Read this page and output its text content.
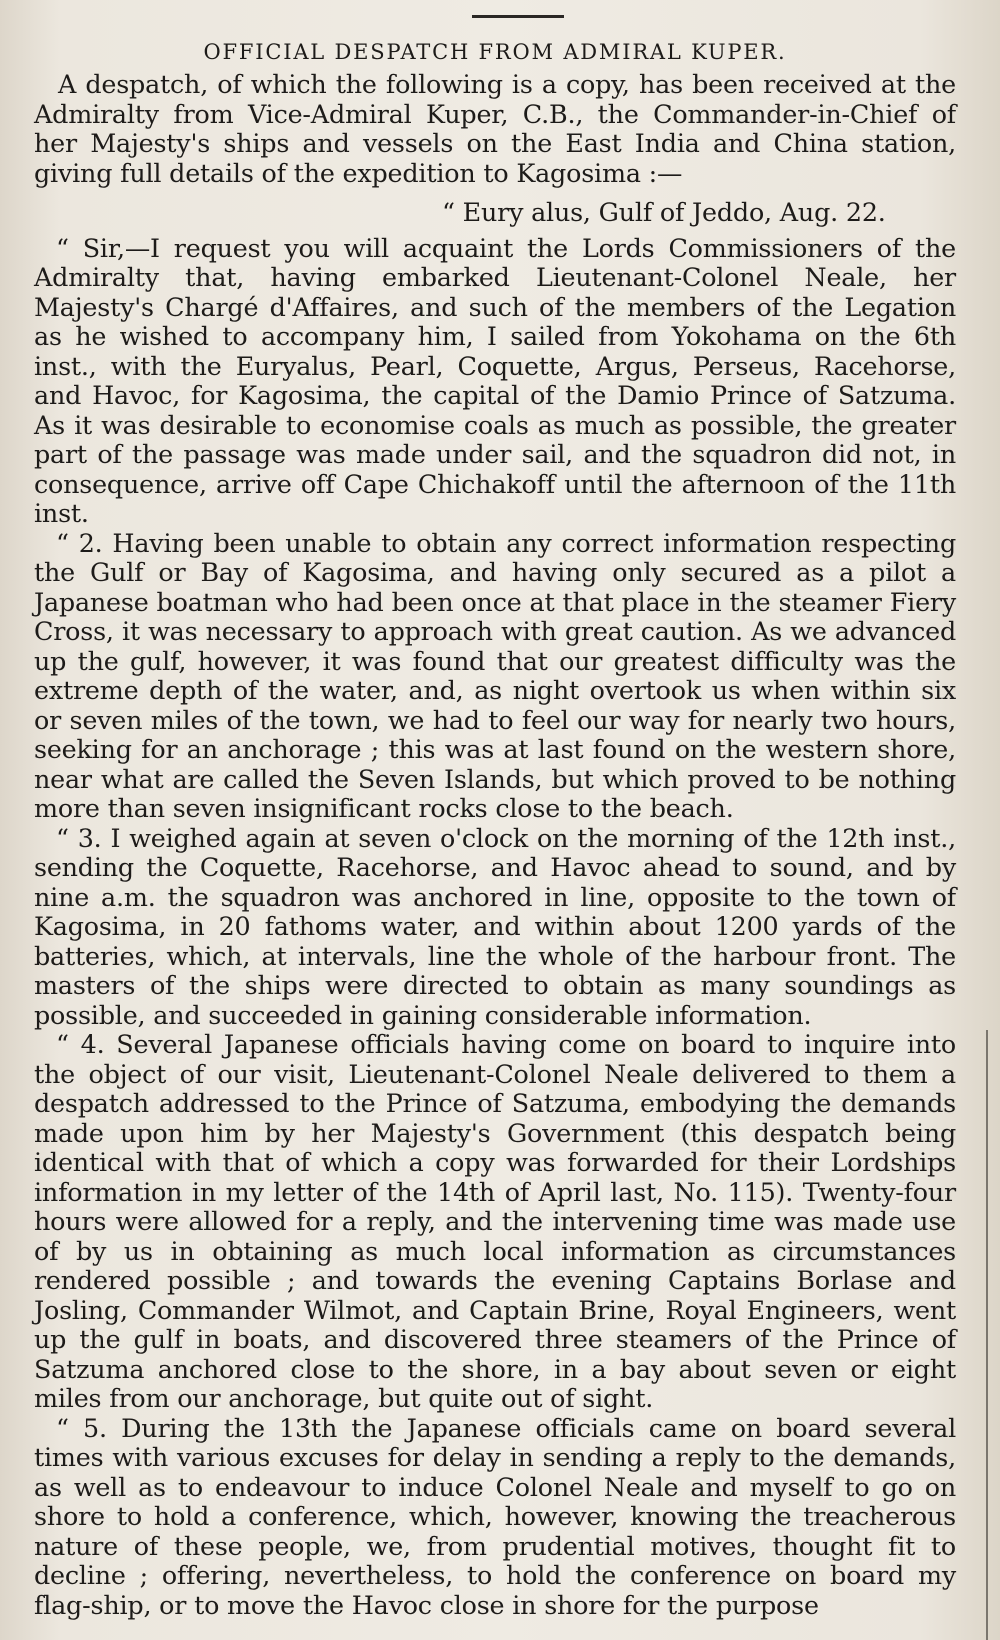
OFFICIAL DESPATCH FROM ADMIRAL KUPER.

A despatch, of which the following is a copy, has been received at the Admiralty from Vice-Admiral Kuper, C.B., the Commander-in-Chief of her Majesty's ships and vessels on the East India and China station, giving full details of the expedition to Kagosima :—

“ Eury alus, Gulf of Jeddo, Aug. 22.

“ Sir,—I request you will acquaint the Lords Commissioners of the Admiralty that, having embarked Lieutenant-Colonel Neale, her Majesty's Chargé d'Affaires, and such of the members of the Legation as he wished to accompany him, I sailed from Yokohama on the 6th inst., with the Euryalus, Pearl, Coquette, Argus, Perseus, Racehorse, and Havoc, for Kagosima, the capital of the Damio Prince of Satzuma. As it was desirable to economise coals as much as possible, the greater part of the passage was made under sail, and the squadron did not, in consequence, arrive off Cape Chichakoff until the afternoon of the 11th inst.

“ 2. Having been unable to obtain any correct information respecting the Gulf or Bay of Kagosima, and having only secured as a pilot a Japanese boatman who had been once at that place in the steamer Fiery Cross, it was necessary to approach with great caution. As we advanced up the gulf, however, it was found that our greatest difficulty was the extreme depth of the water, and, as night overtook us when within six or seven miles of the town, we had to feel our way for nearly two hours, seeking for an anchorage ; this was at last found on the western shore, near what are called the Seven Islands, but which proved to be nothing more than seven insignificant rocks close to the beach.

“ 3. I weighed again at seven o'clock on the morning of the 12th inst., sending the Coquette, Racehorse, and Havoc ahead to sound, and by nine a.m. the squadron was anchored in line, opposite to the town of Kagosima, in 20 fathoms water, and within about 1200 yards of the batteries, which, at intervals, line the whole of the harbour front. The masters of the ships were directed to obtain as many soundings as possible, and succeeded in gaining considerable information.

“ 4. Several Japanese officials having come on board to inquire into the object of our visit, Lieutenant-Colonel Neale delivered to them a despatch addressed to the Prince of Satzuma, embodying the demands made upon him by her Majesty's Government (this despatch being identical with that of which a copy was forwarded for their Lordships information in my letter of the 14th of April last, No. 115). Twenty-four hours were allowed for a reply, and the intervening time was made use of by us in obtaining as much local information as circumstances rendered possible ; and towards the evening Captains Borlase and Josling, Commander Wilmot, and Captain Brine, Royal Engineers, went up the gulf in boats, and discovered three steamers of the Prince of Satzuma anchored close to the shore, in a bay about seven or eight miles from our anchorage, but quite out of sight.

“ 5. During the 13th the Japanese officials came on board several times with various excuses for delay in sending a reply to the demands, as well as to endeavour to induce Colonel Neale and myself to go on shore to hold a conference, which, however, knowing the treacherous nature of these people, we, from prudential motives, thought fit to decline ; offering, nevertheless, to hold the conference on board my flag-ship, or to move the Havoc close in shore for the purpose
